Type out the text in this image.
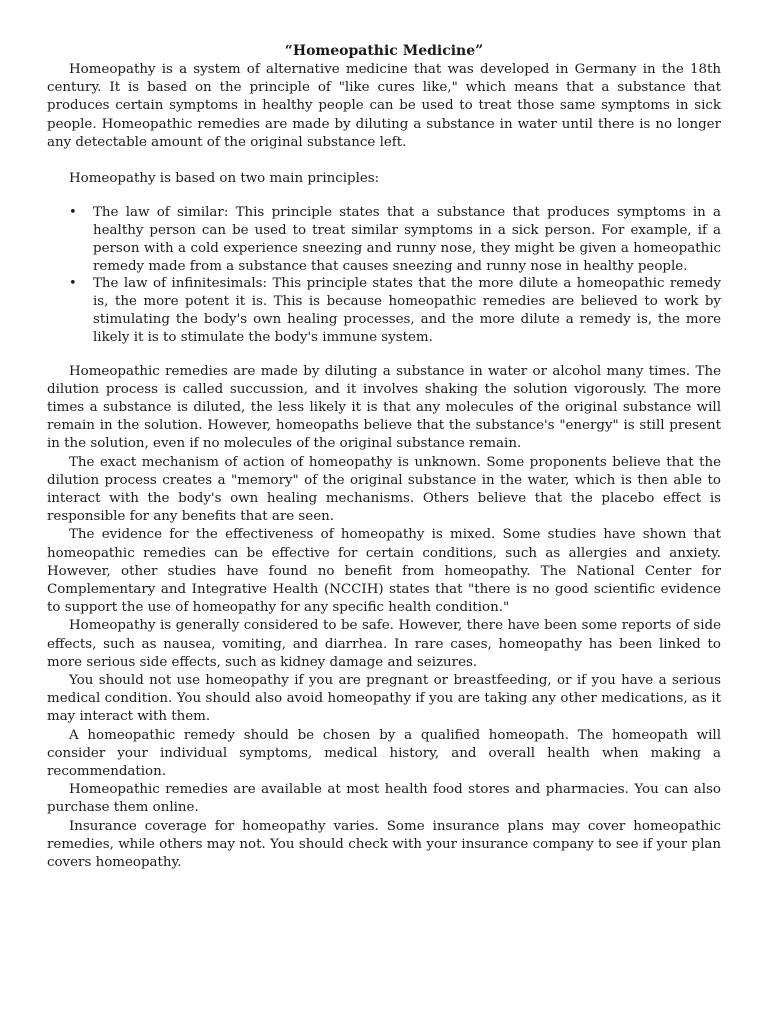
“Homeopathic Medicine”

Homeopathy is a system of alternative medicine that was developed in Germany in the 18th century. It is based on the principle of "like cures like," which means that a substance that produces certain symptoms in healthy people can be used to treat those same symptoms in sick people. Homeopathic remedies are made by diluting a substance in water until there is no longer any detectable amount of the original substance left.

Homeopathy is based on two main principles:

• The law of similar: This principle states that a substance that produces symptoms in a healthy person can be used to treat similar symptoms in a sick person. For example, if a person with a cold experience sneezing and runny nose, they might be given a homeopathic remedy made from a substance that causes sneezing and runny nose in healthy people.
• The law of infinitesimals: This principle states that the more dilute a homeopathic remedy is, the more potent it is. This is because homeopathic remedies are believed to work by stimulating the body's own healing processes, and the more dilute a remedy is, the more likely it is to stimulate the body's immune system.

Homeopathic remedies are made by diluting a substance in water or alcohol many times. The dilution process is called succussion, and it involves shaking the solution vigorously. The more times a substance is diluted, the less likely it is that any molecules of the original substance will remain in the solution. However, homeopaths believe that the substance's "energy" is still present in the solution, even if no molecules of the original substance remain.

The exact mechanism of action of homeopathy is unknown. Some proponents believe that the dilution process creates a "memory" of the original substance in the water, which is then able to interact with the body's own healing mechanisms. Others believe that the placebo effect is responsible for any benefits that are seen.

The evidence for the effectiveness of homeopathy is mixed. Some studies have shown that homeopathic remedies can be effective for certain conditions, such as allergies and anxiety. However, other studies have found no benefit from homeopathy. The National Center for Complementary and Integrative Health (NCCIH) states that "there is no good scientific evidence to support the use of homeopathy for any specific health condition."

Homeopathy is generally considered to be safe. However, there have been some reports of side effects, such as nausea, vomiting, and diarrhea. In rare cases, homeopathy has been linked to more serious side effects, such as kidney damage and seizures.

You should not use homeopathy if you are pregnant or breastfeeding, or if you have a serious medical condition. You should also avoid homeopathy if you are taking any other medications, as it may interact with them.

A homeopathic remedy should be chosen by a qualified homeopath. The homeopath will consider your individual symptoms, medical history, and overall health when making a recommendation.

Homeopathic remedies are available at most health food stores and pharmacies. You can also purchase them online.

Insurance coverage for homeopathy varies. Some insurance plans may cover homeopathic remedies, while others may not. You should check with your insurance company to see if your plan covers homeopathy.
